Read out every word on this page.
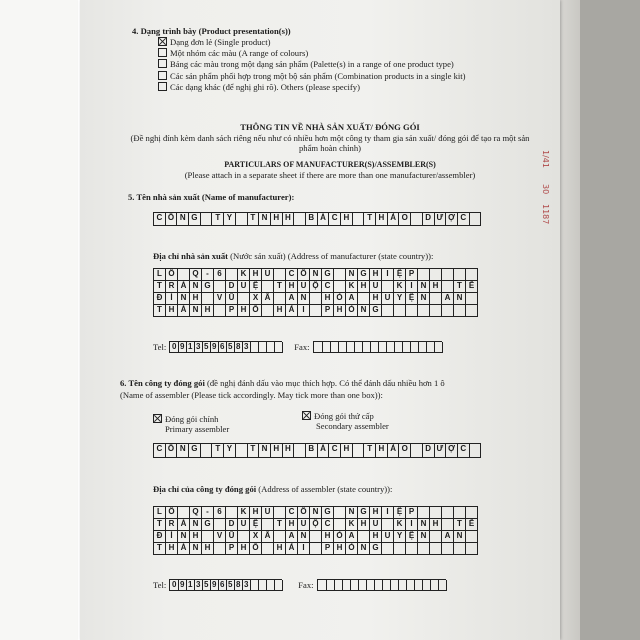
4. Dạng trình bày (Product presentation(s))
Dạng đơn lẻ (Single product)
Một nhóm các màu (A range of colours)
Bảng các màu trong một dạng sản phẩm (Palette(s) in a range of one product type)
Các sản phẩm phối hợp trong một bộ sản phẩm (Combination products in a single kit)
Các dạng khác (để nghị ghi rõ). Others (please specify)
THÔNG TIN VỀ NHÀ SẢN XUẤT/ ĐÓNG GÓI
(Đề nghị đính kèm danh sách riêng nếu như có nhiều hơn một công ty tham gia sản xuất/ đóng gói để tạo ra một sản phẩm hoàn chỉnh)
PARTICULARS OF MANUFACTURER(S)/ASSEMBLER(S)
(Please attach in a separate sheet if there are more than one manufacturer/assembler)
5. Tên nhà sản xuất (Name of manufacturer):
C Ô N G	T Y	T N H H	B Á C H	T H Ả O	D Ư Ợ C
Địa chỉ nhà sản xuất (Nước sản xuất) (Address of manufacturer (state country)):
L Ô	Q -	6	K H U	C Ô N G	N G H I	Ệ P
T R À N G	D U Ệ	T H U Ộ C	K H U	K I	N H	T Ế
Đ Ì	N H	V Ũ	X Ã	A N	H Ò A	H U Y Ệ N	A N
T H À N H	P H Ố	H Ả I	P H Ò N G
Tel: 0 9 1 3 5 9 6 5 8 3	Fax:
6. Tên công ty đóng gói (đề nghị đánh dấu vào mục thích hợp. Có thể đánh dấu nhiều hơn 1 ô
(Name of assembler (Please tick accordingly. May tick more than one box)):
Đóng gói chính
Primary assembler
Đóng gói thứ cấp
Secondary assembler
C Ô N G	T Y	T N H H	B Á C H	T H Ả O	D Ư Ợ C
Địa chỉ của công ty đóng gói (Address of assembler (state country)):
L Ô	Q -	6	K H U	C Ô N G	N G H I	Ệ P
T R À N G	D U Ệ	T H U Ộ C	K H U	K I	N H	T Ế
Đ Ì	N H	V Ũ	X Ã	A N	H Ò A	H U Y Ệ N	A N
T H À N H	P H Ố	H Ả I	P H Ò N G
Tel: 0 9 1 3 5 9 6 5 8 3	Fax:
1/41
30
1187
